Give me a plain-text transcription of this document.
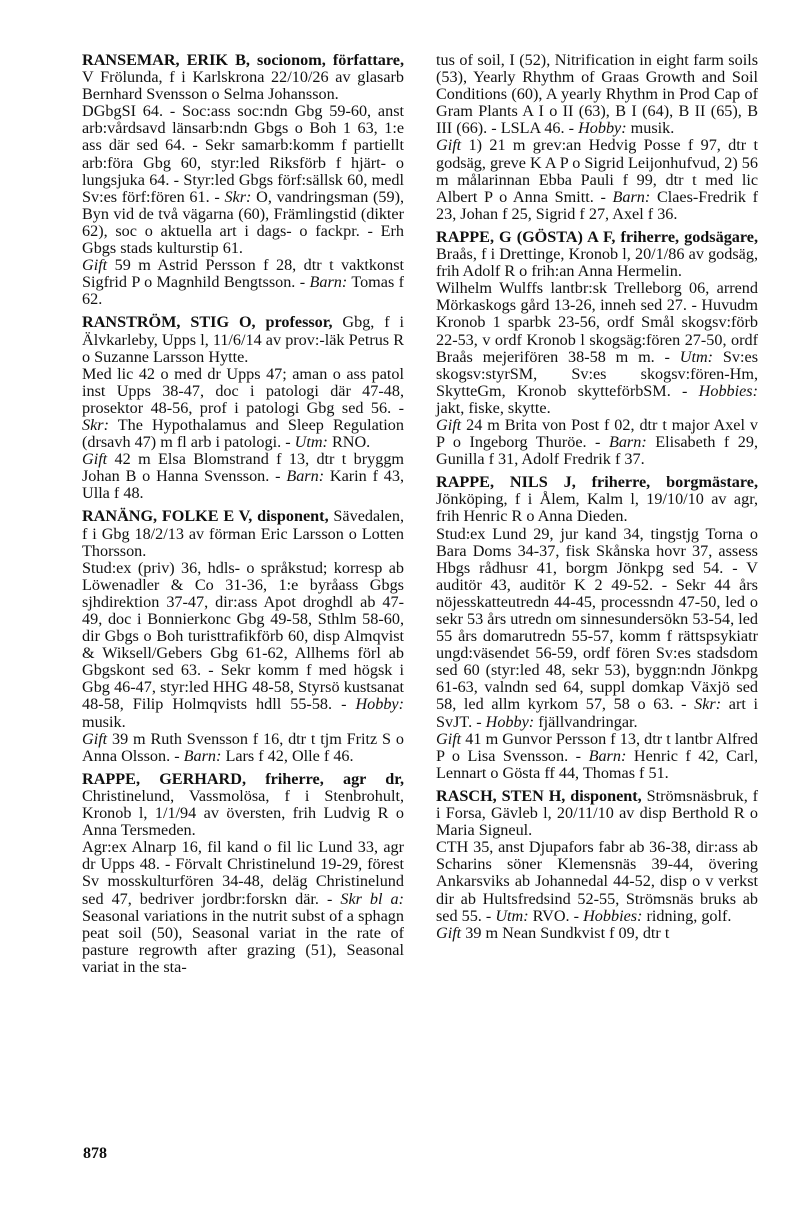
RANSEMAR, ERIK B, socionom, författare, V Frölunda, f i Karlskrona 22/10/26 av glasarb Bernhard Svensson o Selma Johansson.

DGbgSI 64. - Soc:ass soc:ndn Gbg 59-60, anst arb:vårdsavd länsarb:ndn Gbgs o Boh 1 63, 1:e ass där sed 64. - Sekr samarb:komm f partiellt arb:föra Gbg 60, styr:led Riksförb f hjärt- o lungsjuka 64. - Styr:led Gbgs förf:sällsk 60, medl Sv:es förf:fören 61. - Skr: O, vandringsman (59), Byn vid de två vägarna (60), Främlingstid (dikter 62), soc o aktuella art i dags- o fackpr. - Erh Gbgs stads kulturstip 61.

Gift 59 m Astrid Persson f 28, dtr t vaktkonst Sigfrid P o Magnhild Bengtsson. - Barn: Tomas f 62.

RANSTRÖM, STIG O, professor, Gbg, f i Älvkarleby, Upps l, 11/6/14 av prov:-läk Petrus R o Suzanne Larsson Hytte.

Med lic 42 o med dr Upps 47; aman o ass patol inst Upps 38-47, doc i patologi där 47-48, prosektor 48-56, prof i patologi Gbg sed 56. - Skr: The Hypothalamus and Sleep Regulation (drsavh 47) m fl arb i patologi. - Utm: RNO.

Gift 42 m Elsa Blomstrand f 13, dtr t bryggm Johan B o Hanna Svensson. - Barn: Karin f 43, Ulla f 48.

RANÄNG, FOLKE E V, disponent, Sävedalen, f i Gbg 18/2/13 av förman Eric Larsson o Lotten Thorsson.

Stud:ex (priv) 36, hdls- o språkstud; korresp ab Löwenadler & Co 31-36, 1:e byråass Gbgs sjhdirektion 37-47, dir:ass Apot droghdl ab 47-49, doc i Bonnierkonc Gbg 49-58, Sthlm 58-60, dir Gbgs o Boh turisttrafikförb 60, disp Almqvist & Wiksell/Gebers Gbg 61-62, Allhems förl ab Gbgskont sed 63. - Sekr komm f med högsk i Gbg 46-47, styr:led HHG 48-58, Styrsö kustsanat 48-58, Filip Holmqvists hdll 55-58. - Hobby: musik.

Gift 39 m Ruth Svensson f 16, dtr t tjm Fritz S o Anna Olsson. - Barn: Lars f 42, Olle f 46.

RAPPE, GERHARD, friherre, agr dr, Christinelund, Vassmolösa, f i Stenbrohult, Kronob l, 1/1/94 av översten, frih Ludvig R o Anna Tersmeden.

Agr:ex Alnarp 16, fil kand o fil lic Lund 33, agr dr Upps 48. - Förvalt Christinelund 19-29, förest Sv mosskulturfören 34-48, deläg Christinelund sed 47, bedriver jordbr:forskn där. - Skr bl a: Seasonal variations in the nutrit subst of a sphagn peat soil (50), Seasonal variat in the rate of pasture regrowth after grazing (51), Seasonal variat in the sta-

tus of soil, I (52), Nitrification in eight farm soils (53), Yearly Rhythm of Graas Growth and Soil Conditions (60), A yearly Rhythm in Prod Cap of Gram Plants A I o II (63), B I (64), B II (65), B III (66). - LSLA 46. - Hobby: musik.

Gift 1) 21 m grev:an Hedvig Posse f 97, dtr t godsäg, greve K A P o Sigrid Leijonhufvud, 2) 56 m målarinnan Ebba Pauli f 99, dtr t med lic Albert P o Anna Smitt. - Barn: Claes-Fredrik f 23, Johan f 25, Sigrid f 27, Axel f 36.

RAPPE, G (GÖSTA) A F, friherre, godsägare, Braås, f i Drettinge, Kronob l, 20/1/86 av godsäg, frih Adolf R o frih:an Anna Hermelin.

Wilhelm Wulffs lantbr:sk Trelleborg 06, arrend Mörkaskogs gård 13-26, inneh sed 27. - Huvudm Kronob 1 sparbk 23-56, ordf Smål skogsv:förb 22-53, v ordf Kronob l skogsäg:fören 27-50, ordf Braås mejerifören 38-58 m m. - Utm: Sv:es skogsv:styrSM, Sv:es skogsv:fören-Hm, SkytteGm, Kronob skytteförbSM. - Hobbies: jakt, fiske, skytte.

Gift 24 m Brita von Post f 02, dtr t major Axel v P o Ingeborg Thuröe. - Barn: Elisabeth f 29, Gunilla f 31, Adolf Fredrik f 37.

RAPPE, NILS J, friherre, borgmästare, Jönköping, f i Ålem, Kalm l, 19/10/10 av agr, frih Henric R o Anna Dieden.

Stud:ex Lund 29, jur kand 34, tingstjg Torna o Bara Doms 34-37, fisk Skånska hovr 37, assess Hbgs rådhusr 41, borgm Jönkpg sed 54. - V auditör 43, auditör K 2 49-52. - Sekr 44 års nöjesskatteutredn 44-45, processndn 47-50, led o sekr 53 års utredn om sinnesundersökn 53-54, led 55 års domarutredn 55-57, komm f rättspsykiatr ungd:väsendet 56-59, ordf fören Sv:es stadsdom sed 60 (styr:led 48, sekr 53), byggn:ndn Jönkpg 61-63, valndn sed 64, suppl domkap Växjö sed 58, led allm kyrkom 57, 58 o 63. - Skr: art i SvJT. - Hobby: fjällvandringar.

Gift 41 m Gunvor Persson f 13, dtr t lantbr Alfred P o Lisa Svensson. - Barn: Henric f 42, Carl, Lennart o Gösta ff 44, Thomas f 51.

RASCH, STEN H, disponent, Strömsnäsbruk, f i Forsa, Gävleb l, 20/11/10 av disp Berthold R o Maria Signeul.

CTH 35, anst Djupafors fabr ab 36-38, dir:ass ab Scharins söner Klemensnäs 39-44, övering Ankarsviks ab Johannedal 44-52, disp o v verkst dir ab Hultsfredsind 52-55, Strömsnäs bruks ab sed 55. - Utm: RVO. - Hobbies: ridning, golf.

Gift 39 m Nean Sundkvist f 09, dtr t

878
